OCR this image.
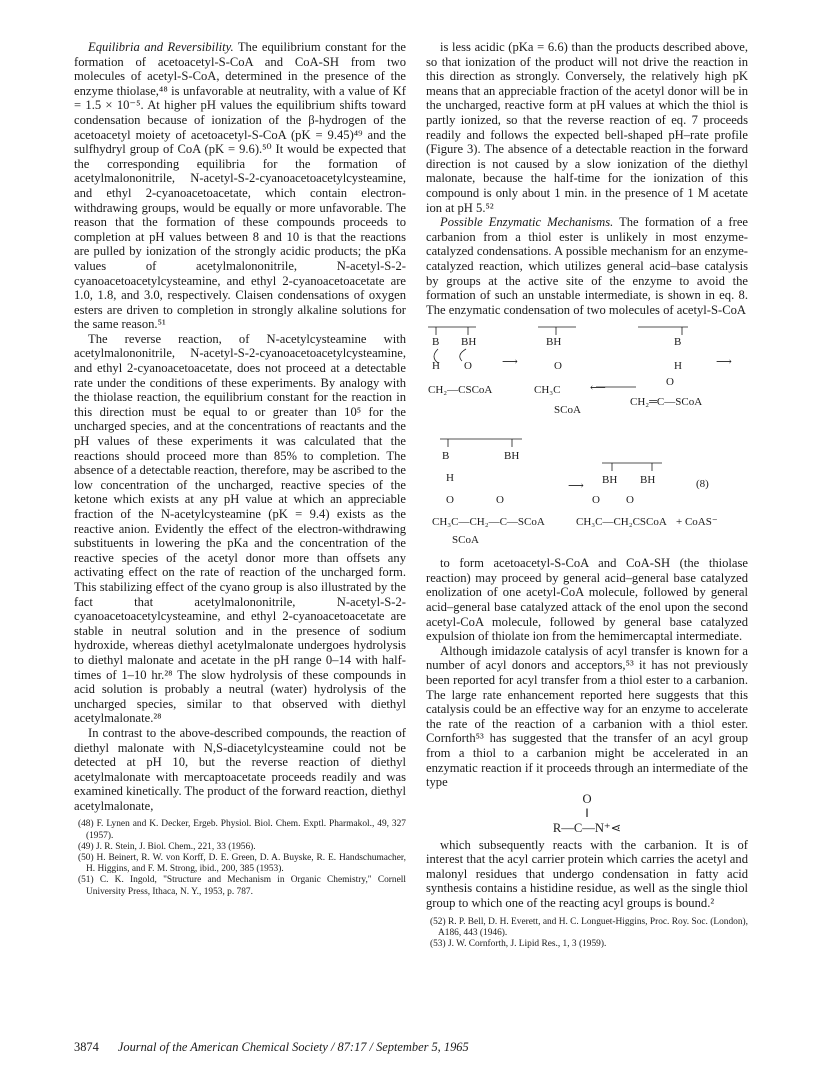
Equilibria and Reversibility. The equilibrium constant for the formation of acetoacetyl-S-CoA and CoA-SH from two molecules of acetyl-S-CoA, determined in the presence of the enzyme thiolase,⁴⁸ is unfavorable at neutrality, with a value of Kf = 1.5 × 10⁻⁵. At higher pH values the equilibrium shifts toward condensation because of ionization of the β-hydrogen of the acetoacetyl moiety of acetoacetyl-S-CoA (pK = 9.45)⁴⁹ and the sulfhydryl group of CoA (pK = 9.6).⁵⁰ It would be expected that the corresponding equilibria for the formation of acetylmalononitrile, N-acetyl-S-2-cyanoacetoacetylcysteamine, and ethyl 2-cyanoacetoacetate, which contain electron-withdrawing groups, would be equally or more unfavorable. The reason that the formation of these compounds proceeds to completion at pH values between 8 and 10 is that the reactions are pulled by ionization of the strongly acidic products; the pKa values of acetylmalononitrile, N-acetyl-S-2-cyanoacetoacetylcysteamine, and ethyl 2-cyanoacetoacetate are 1.0, 1.8, and 3.0, respectively. Claisen condensations of oxygen esters are driven to completion in strongly alkaline solutions for the same reason.⁵¹

The reverse reaction, of N-acetylcysteamine with acetylmalononitrile, N-acetyl-S-2-cyanoacetoacetylcysteamine, and ethyl 2-cyanoacetoacetate, does not proceed at a detectable rate under the conditions of these experiments. By analogy with the thiolase reaction, the equilibrium constant for the reaction in this direction must be equal to or greater than 10⁵ for the uncharged species, and at the concentrations of reactants and the pH values of these experiments it was calculated that the reactions should proceed more than 85% to completion. The absence of a detectable reaction, therefore, may be ascribed to the low concentration of the uncharged, reactive species of the ketone which exists at any pH value at which an appreciable fraction of the N-acetylcysteamine (pK = 9.4) exists as the reactive anion. Evidently the effect of the electron-withdrawing substituents in lowering the pKa and the concentration of the reactive species of the acetyl donor more than offsets any activating effect on the rate of reaction of the uncharged form. This stabilizing effect of the cyano group is also illustrated by the fact that acetylmalononitrile, N-acetyl-S-2-cyanoacetoacetylcysteamine, and ethyl 2-cyanoacetoacetate are stable in neutral solution and in the presence of sodium hydroxide, whereas diethyl acetylmalonate undergoes hydrolysis to diethyl malonate and acetate in the pH range 0–14 with half-times of 1–10 hr.²⁸ The slow hydrolysis of these compounds in acid solution is probably a neutral (water) hydrolysis of the uncharged species, similar to that observed with diethyl acetylmalonate.²⁸

In contrast to the above-described compounds, the reaction of diethyl malonate with N,S-diacetylcysteamine could not be detected at pH 10, but the reverse reaction of diethyl acetylmalonate with mercaptoacetate proceeds readily and was examined kinetically. The product of the forward reaction, diethyl acetylmalonate,

(48) F. Lynen and K. Decker, Ergeb. Physiol. Biol. Chem. Exptl. Pharmakol., 49, 327 (1957).

(49) J. R. Stein, J. Biol. Chem., 221, 33 (1956).

(50) H. Beinert, R. W. von Korff, D. E. Green, D. A. Buyske, R. E. Handschumacher, H. Higgins, and F. M. Strong, ibid., 200, 385 (1953).

(51) C. K. Ingold, "Structure and Mechanism in Organic Chemistry," Cornell University Press, Ithaca, N. Y., 1953, p. 787.

is less acidic (pKa = 6.6) than the products described above, so that ionization of the product will not drive the reaction in this direction as strongly. Conversely, the relatively high pK means that an appreciable fraction of the acetyl donor will be in the uncharged, reactive form at pH values at which the thiol is partly ionized, so that the reverse reaction of eq. 7 proceeds readily and follows the expected bell-shaped pH–rate profile (Figure 3). The absence of a detectable reaction in the forward direction is not caused by a slow ionization of the diethyl malonate, because the half-time for the ionization of this compound is only about 1 min. in the presence of 1 M acetate ion at pH 5.⁵²

Possible Enzymatic Mechanisms. The formation of a free carbanion from a thiol ester is unlikely in most enzyme-catalyzed condensations. A possible mechanism for an enzyme-catalyzed reaction, which utilizes general acid–base catalysis by groups at the active site of the enzyme to avoid the formation of such an unstable intermediate, is shown in eq. 8. The enzymatic condensation of two molecules of acetyl-S-CoA

B BH
H O
CH₂—CSCoA
⟶
BH
O
CH₃C
SCoA
⟵
B
H
O
CH₂═C—SCoA
⟶
B	BH
H
O	O
CH₃C—CH₂—C—SCoA
SCoA
⟶ BH BH	(8)
O O
CH₃C—CH₂CSCoA + CoAS⁻

to form acetoacetyl-S-CoA and CoA-SH (the thiolase reaction) may proceed by general acid–general base catalyzed enolization of one acetyl-CoA molecule, followed by general acid–general base catalyzed attack of the enol upon the second acetyl-CoA molecule, followed by general base catalyzed expulsion of thiolate ion from the hemimercaptal intermediate.

Although imidazole catalysis of acyl transfer is known for a number of acyl donors and acceptors,⁵³ it has not previously been reported for acyl transfer from a thiol ester to a carbanion. The large rate enhancement reported here suggests that this catalysis could be an effective way for an enzyme to accelerate the rate of the reaction of a carbanion with a thiol ester. Cornforth⁵³ has suggested that the transfer of an acyl group from a thiol to a carbanion might be accelerated in an enzymatic reaction if it proceeds through an intermediate of the type

O
‖
R—C—N⁺⋖

which subsequently reacts with the carbanion. It is of interest that the acyl carrier protein which carries the acetyl and malonyl residues that undergo condensation in fatty acid synthesis contains a histidine residue, as well as the single thiol group to which one of the reacting acyl groups is bound.²

(52) R. P. Bell, D. H. Everett, and H. C. Longuet-Higgins, Proc. Roy. Soc. (London), A186, 443 (1946).

(53) J. W. Cornforth, J. Lipid Res., 1, 3 (1959).

3874 Journal of the American Chemical Society / 87:17 / September 5, 1965
